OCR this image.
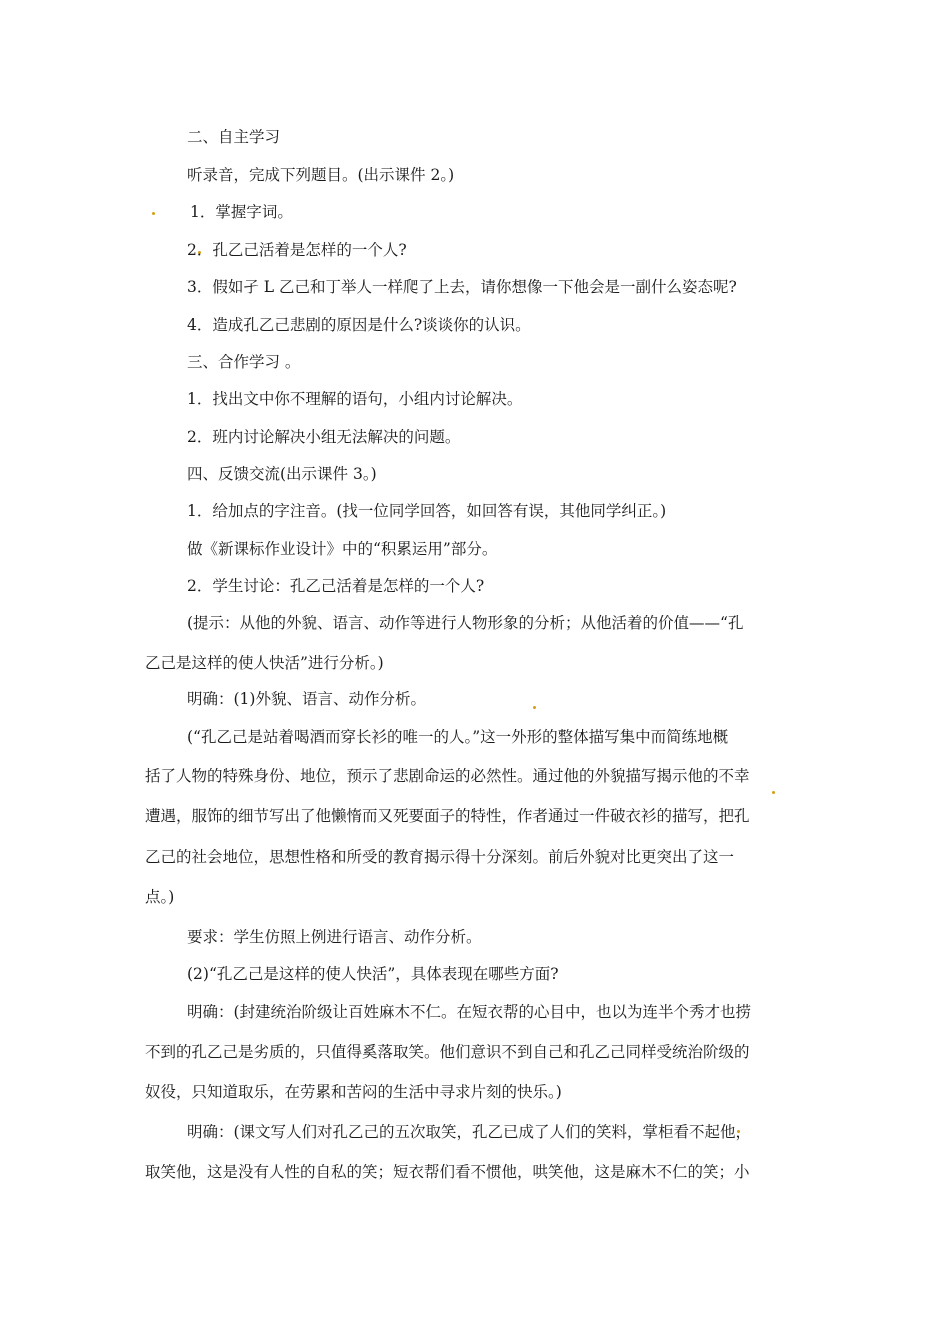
二、自主学习
听录音，完成下列题目。(出示课件 2。)
1．掌握字词。
2．孔乙己活着是怎样的一个人?
3．假如孑 L 乙己和丁举人一样爬了上去，请你想像一下他会是一副什么姿态呢?
4．造成孔乙己悲剧的原因是什么?谈谈你的认识。
三、合作学习 。
1．找出文中你不理解的语句，小组内讨论解决。
2．班内讨论解决小组无法解决的问题。
四、反馈交流(出示课件 3。)
1．给加点的字注音。(找一位同学回答，如回答有误，其他同学纠正。)
做《新课标作业设计》中的“积累运用”部分。
2．学生讨论：孔乙己活着是怎样的一个人?
(提示：从他的外貌、语言、动作等进行人物形象的分析；从他活着的价值——“孔
乙己是这样的使人快活”进行分析。)
明确：(1)外貌、语言、动作分析。
(“孔乙己是站着喝酒而穿长衫的唯一的人。”这一外形的整体描写集中而简练地概
括了人物的特殊身份、地位，预示了悲剧命运的必然性。通过他的外貌描写揭示他的不幸
遭遇，服饰的细节写出了他懒惰而又死要面子的特性，作者通过一件破衣衫的描写，把孔
乙己的社会地位，思想性格和所受的教育揭示得十分深刻。前后外貌对比更突出了这一
点。)
要求：学生仿照上例进行语言、动作分析。
(2)“孔乙己是这样的使人快活”，具体表现在哪些方面?
明确：(封建统治阶级让百姓麻木不仁。在短衣帮的心目中，也以为连半个秀才也捞
不到的孔乙己是劣质的，只值得奚落取笑。他们意识不到自己和孔乙己同样受统治阶级的
奴役，只知道取乐，在劳累和苦闷的生活中寻求片刻的快乐。)
明确：(课文写人们对孔乙己的五次取笑，孔乙已成了人们的笑料，掌柜看不起他，
取笑他，这是没有人性的自私的笑；短衣帮们看不惯他，哄笑他，这是麻木不仁的笑；小
